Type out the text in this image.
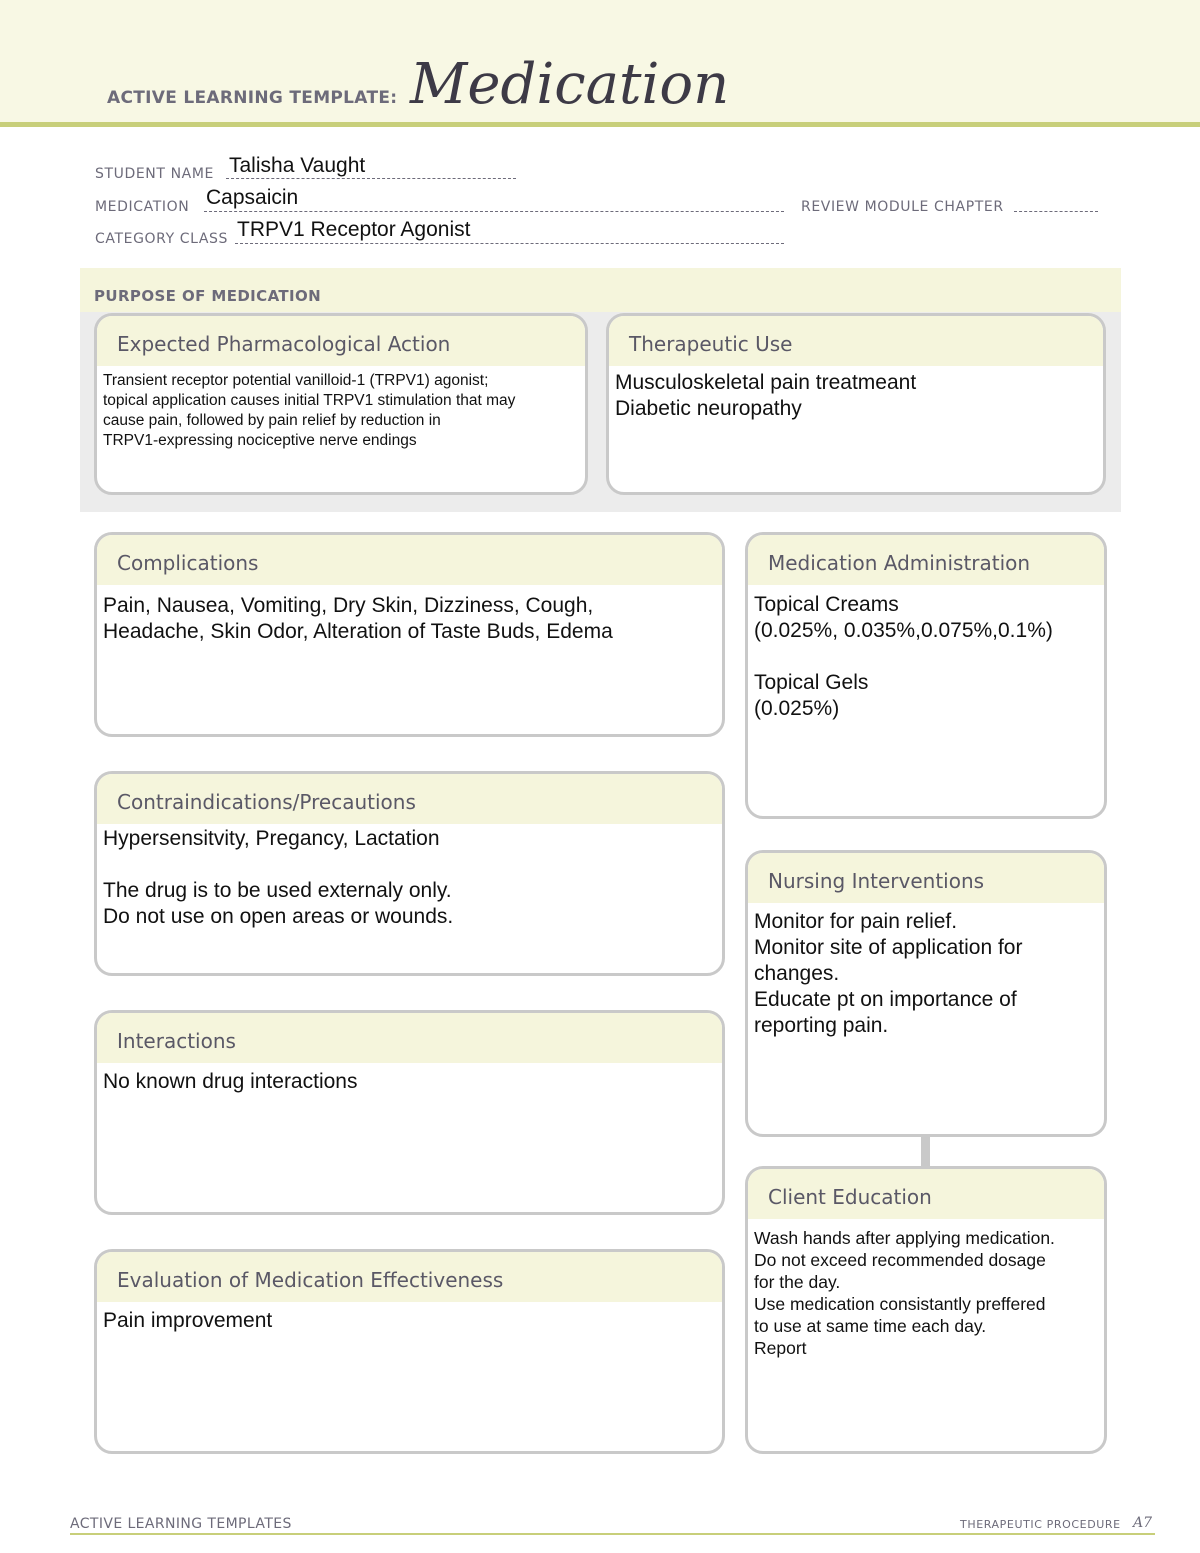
ACTIVE LEARNING TEMPLATE: Medication
STUDENT NAME Talisha Vaught
MEDICATION Capsaicin	REVIEW MODULE CHAPTER
CATEGORY CLASS TRPV1 Receptor Agonist
PURPOSE OF MEDICATION
Expected Pharmacological Action
Transient receptor potential vanilloid-1 (TRPV1) agonist;
topical application causes initial TRPV1 stimulation that may
cause pain, followed by pain relief by reduction in
TRPV1-expressing nociceptive nerve endings
Therapeutic Use
Musculoskeletal pain treatmeant
Diabetic neuropathy
Complications
Pain, Nausea, Vomiting, Dry Skin, Dizziness, Cough,
Headache, Skin Odor, Alteration of Taste Buds, Edema
Contraindications/Precautions
Hypersensitvity, Pregancy, Lactation

The drug is to be used externaly only.
Do not use on open areas or wounds.
Interactions
No known drug interactions
Evaluation of Medication Effectiveness
Pain improvement
Medication Administration
Topical Creams
(0.025%, 0.035%,0.075%,0.1%)

Topical Gels
(0.025%)
Nursing Interventions
Monitor for pain relief.
Monitor site of application for
changes.
Educate pt on importance of
reporting pain.
Client Education
Wash hands after applying medication.
Do not exceed recommended dosage
for the day.
Use medication consistantly preffered
to use at same time each day.
Report
ACTIVE LEARNING TEMPLATES	THERAPEUTIC PROCEDURE A7
